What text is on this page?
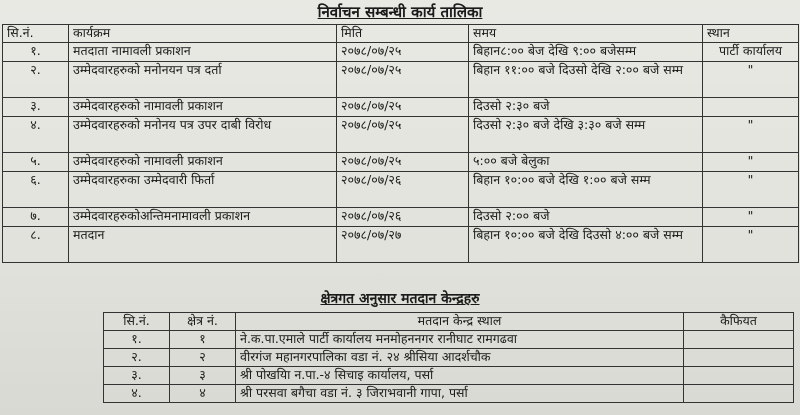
निर्वाचन सम्बन्धी कार्य तालिका
सि.नं.	कार्यक्रम	मिति	समय	स्थान
१.	मतदाता नामावली प्रकाशन	२०७८/०७/२५	बिहान८:०० बेज देखि ९:०० बजेसम्म	पार्टी कार्यालय
२.	उम्मेदवारहरुको मनोनयन पत्र दर्ता	२०७८/०७/२५	बिहान ११:०० बजे दिउसो देखि २:०० बजे सम्म	"
३.	उम्मेदवारहरुको नामावली प्रकाशन	२०७८/०७/२५	दिउसो २:३० बजे	
४.	उम्मेदवारहरुको मनोनय पत्र उपर दाबी विरोध	२०७८/०७/२५	दिउसो २:३० बजे देखि ३:३० बजे सम्म	"
५.	उम्मेदवारहरुको नामावली प्रकाशन	२०७८/०७/२५	५:०० बजे बेलुका	"
६.	उम्मेदवारहरुका उम्मेदवारी फिर्ता	२०७८/०७/२६	बिहान १०:०० बजे देखि १:०० बजे सम्म	"
७.	उम्मेदवारहरुकोअन्तिमनामावली प्रकाशन	२०७८/०७/२६	दिउसो २:०० बजे	"
८.	मतदान	२०७८/०७/२७	बिहान १०:०० बजे देखि दिउसो ४:०० बजे सम्म	"
क्षेत्रगत अनुसार मतदान केन्द्रहरु
सि.नं.	क्षेत्र नं.	मतदान केन्द्र स्थाल	कैफियत
१.	१	ने.क.पा.एमाले पार्टी कार्यालय मनमोहननगर रानीघाट रामगढवा	
२.	२	वीरगंज महानगरपालिका वडा नं. २४ श्रीसिया आदर्शचौक	
३.	३	श्री पोखयिा न.पा.-४ सिचाइ कार्यालय, पर्सा	
४.	४	श्री परसवा बगैचा वडा नं. ३ जिराभवानी गापा, पर्सा	
